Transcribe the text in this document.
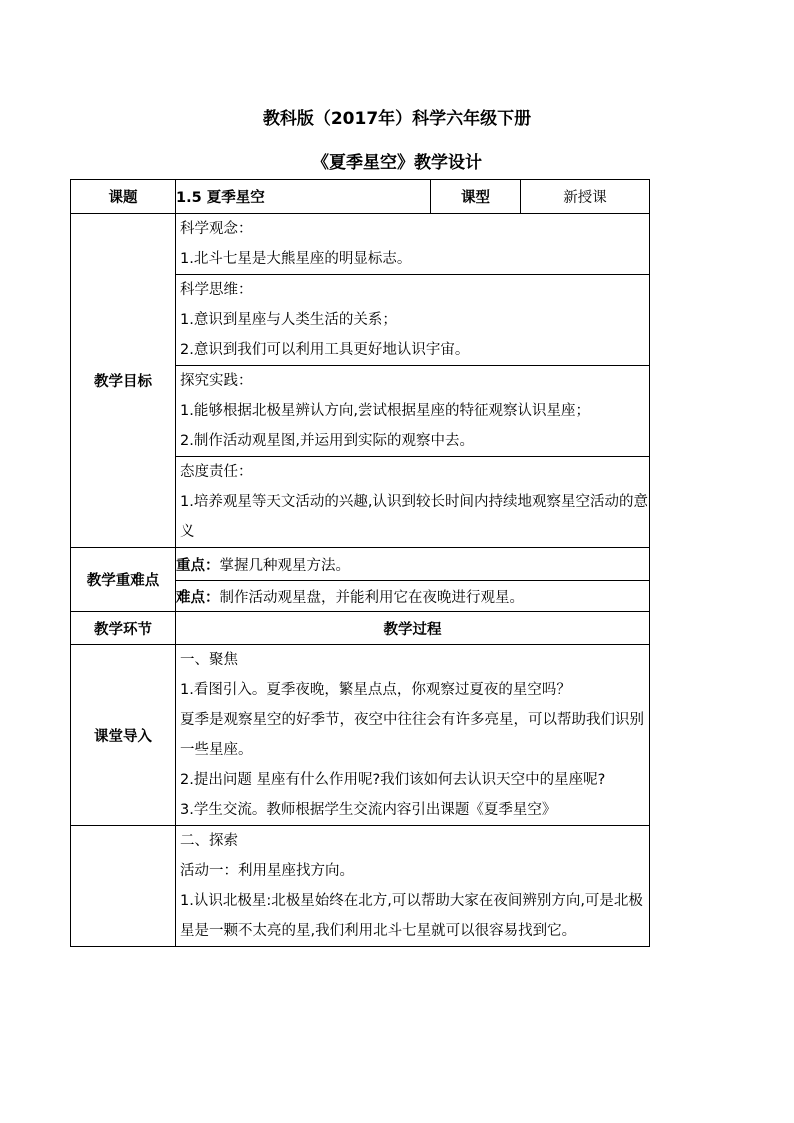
教科版（2017年）科学六年级下册
《夏季星空》教学设计
课题	1.5 夏季星空	课型	新授课
教学目标	科学观念：
1.北斗七星是大熊星座的明显标志。		

	科学思维：
1.意识到星座与人类生活的关系；
2.意识到我们可以利用工具更好地认识宇宙。		

	探究实践：
1.能够根据北极星辨认方向,尝试根据星座的特征观察认识星座；
2.制作活动观星图,并运用到实际的观察中去。		

	态度责任：
1.培养观星等天文活动的兴趣,认识到较长时间内持续地观察星空活动的意义		

教学重难点	重点：掌握几种观星方法。		
	难点：制作活动观星盘，并能利用它在夜晚进行观星。		
教学环节	教学过程		
课堂导入	一、聚焦
1.看图引入。夏季夜晚，繁星点点，你观察过夏夜的星空吗？
夏季是观察星空的好季节，夜空中往往会有许多亮星，可以帮助我们识别一些星座。
2.提出问题 星座有什么作用呢?我们该如何去认识天空中的星座呢?
3.学生交流。教师根据学生交流内容引出课题《夏季星空》		

	二、探索
活动一：利用星座找方向。
1.认识北极星:北极星始终在北方,可以帮助大家在夜间辨别方向,可是北极星是一颗不太亮的星,我们利用北斗七星就可以很容易找到它。		
